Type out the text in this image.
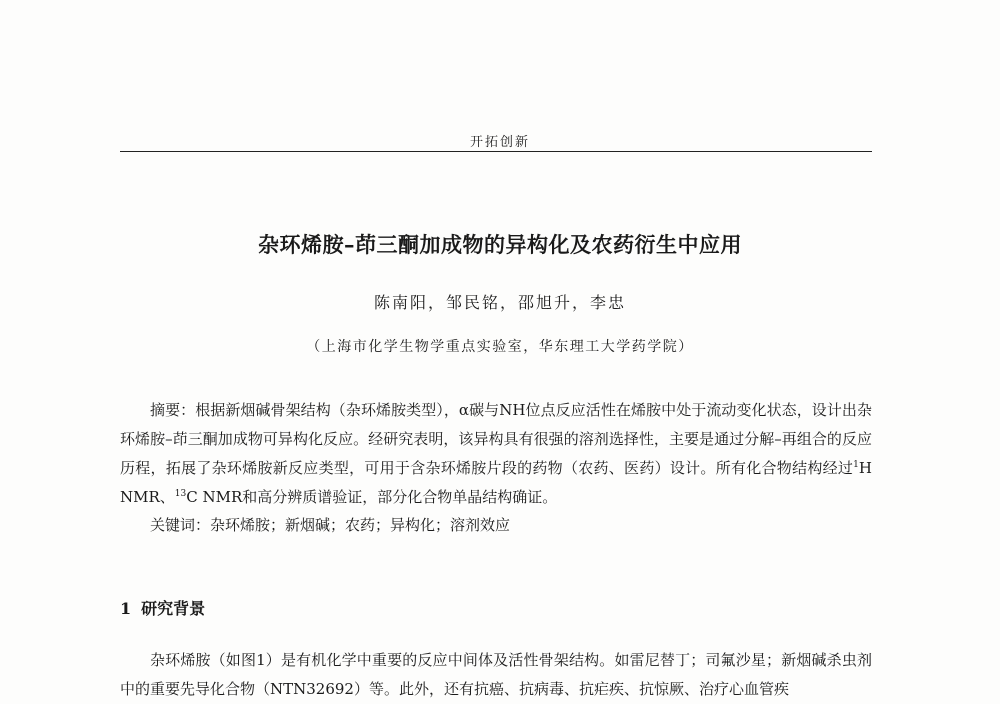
开拓创新
杂环烯胺–茚三酮加成物的异构化及农药衍生中应用
陈南阳，邹民铭，邵旭升，李忠
（上海市化学生物学重点实验室，华东理工大学药学院）

摘要：根据新烟碱骨架结构（杂环烯胺类型），α碳与NH位点反应活性在烯胺中处于流动变化状态，设计出杂环烯胺–茚三酮加成物可异构化反应。经研究表明，该异构具有很强的溶剂选择性，主要是通过分解–再组合的反应历程，拓展了杂环烯胺新反应类型，可用于含杂环烯胺片段的药物（农药、医药）设计。所有化合物结构经过$^1$H NMR、$^{13}$C NMR和高分辨质谱验证，部分化合物单晶结构确证。

关键词：杂环烯胺；新烟碱；农药；异构化；溶剂效应
1 研究背景

杂环烯胺（如图1）是有机化学中重要的反应中间体及活性骨架结构。如雷尼替丁；司氟沙星；新烟碱杀虫剂中的重要先导化合物（NTN32692）等。此外，还有抗癌、抗病毒、抗疟疾、抗惊厥、治疗心血管疾
